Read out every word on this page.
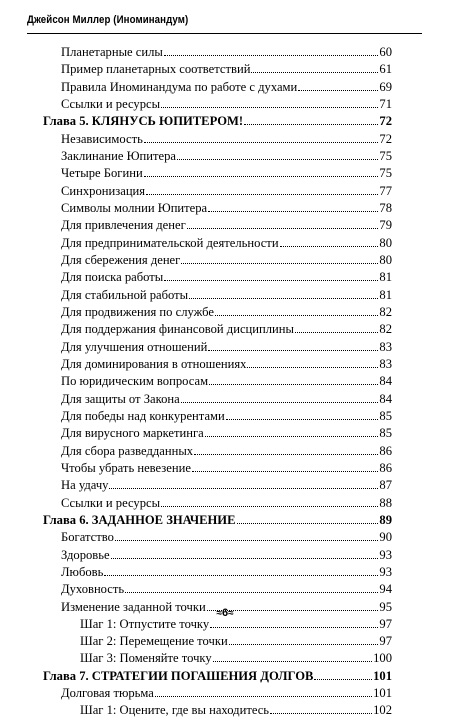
Джейсон Миллер (Иноминандум)
Планетарные силы	60
Пример планетарных соответствий	61
Правила Иноминандума по работе с духами	69
Ссылки и ресурсы	71
Глава 5. КЛЯНУСЬ ЮПИТЕРОМ!	72
Независимость	72
Заклинание Юпитера	75
Четыре Богини	75
Синхронизация	77
Символы молнии Юпитера	78
Для привлечения денег	79
Для предпринимательской деятельности	80
Для сбережения денег	80
Для поиска работы	81
Для стабильной работы	81
Для продвижения по службе	82
Для поддержания финансовой дисциплины	82
Для улучшения отношений	83
Для доминирования в отношениях	83
По юридическим вопросам	84
Для защиты от Закона	84
Для победы над конкурентами	85
Для вирусного маркетинга	85
Для сбора разведданных	86
Чтобы убрать невезение	86
На удачу	87
Ссылки и ресурсы	88
Глава 6. ЗАДАННОЕ ЗНАЧЕНИЕ	89
Богатство	90
Здоровье	93
Любовь	93
Духовность	94
Изменение заданной точки	95
Шаг 1: Отпустите точку	97
Шаг 2: Перемещение точки	97
Шаг 3: Поменяйте точку	100
Глава 7. СТРАТЕГИИ ПОГАШЕНИЯ ДОЛГОВ	101
Долговая тюрьма	101
Шаг 1: Оцените, где вы находитесь	102
≈6≈
